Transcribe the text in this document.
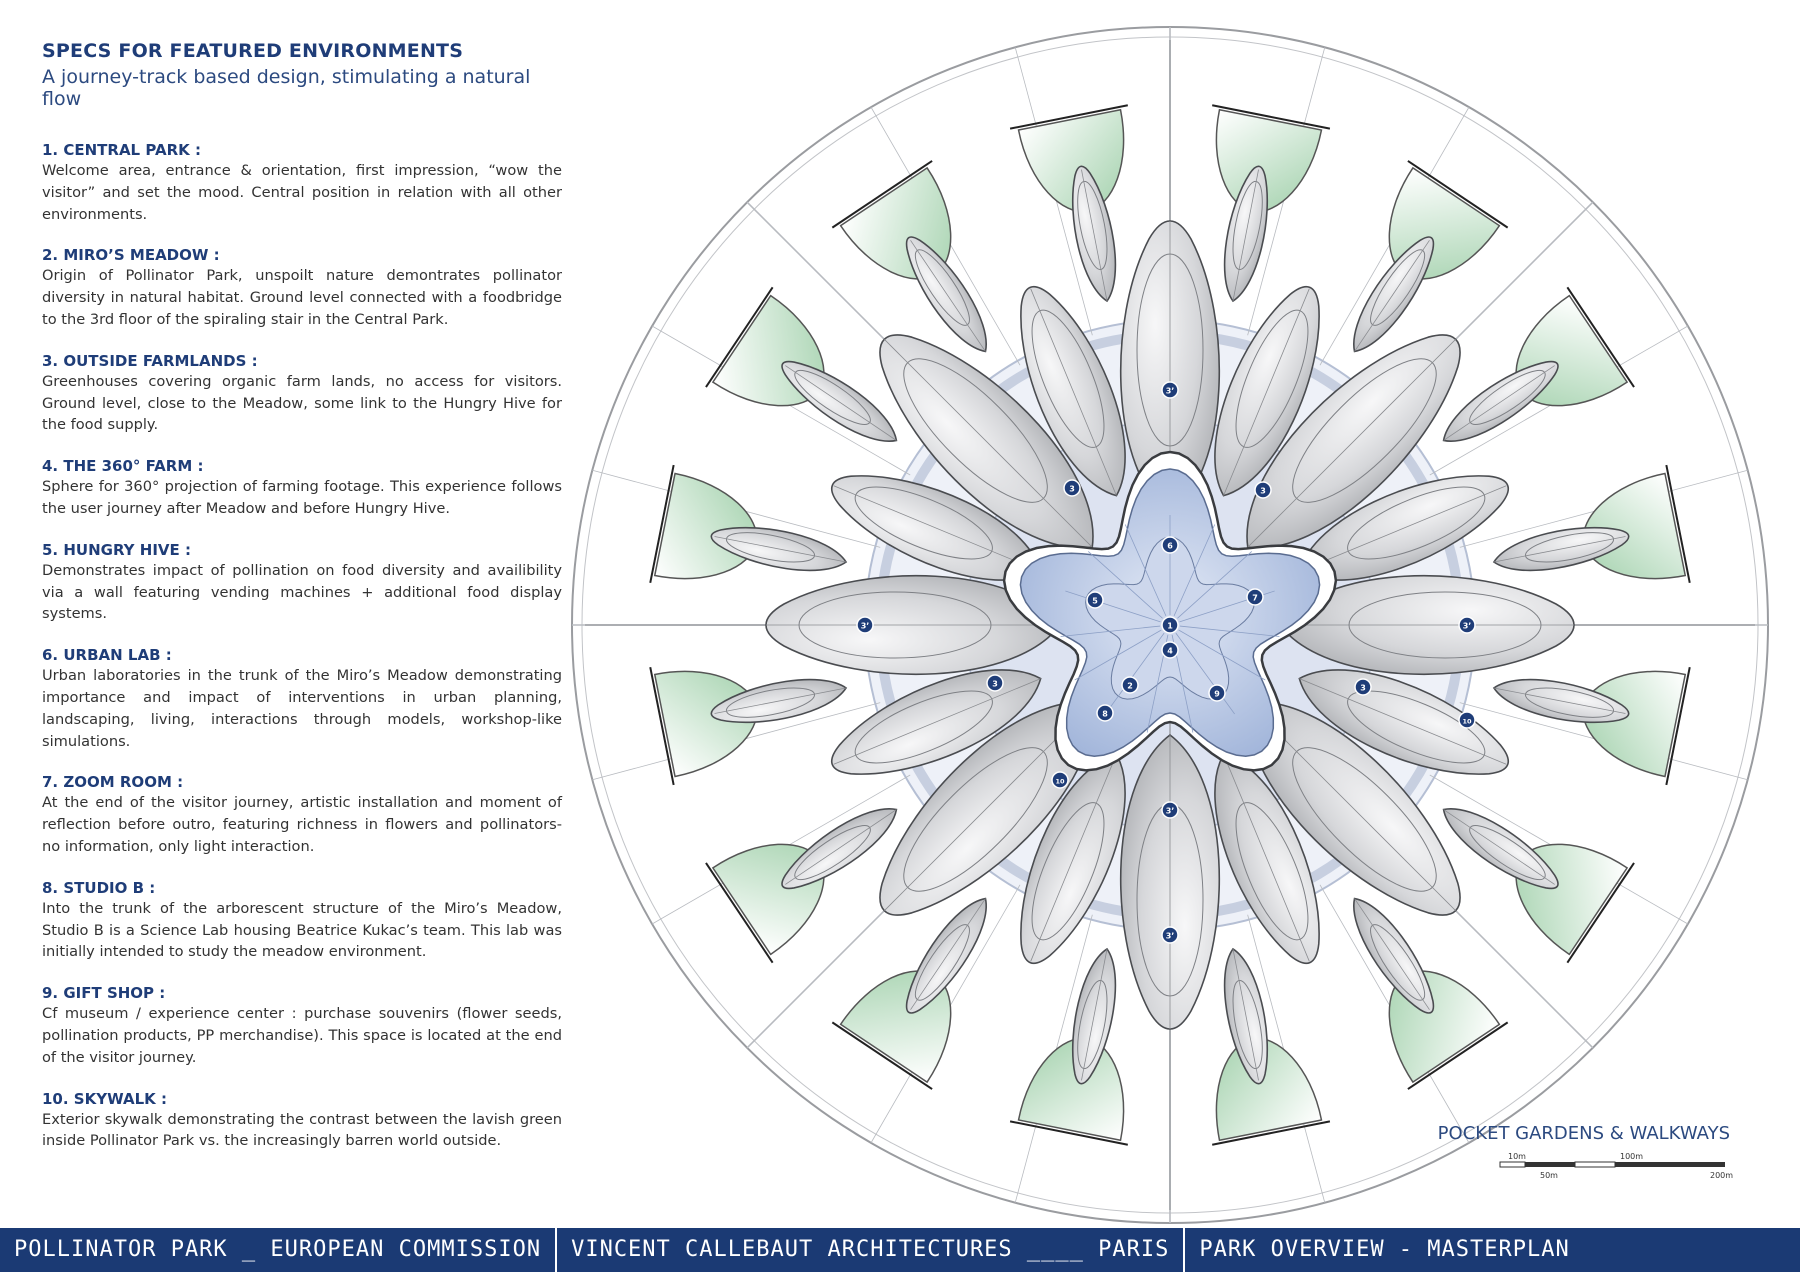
SPECS FOR FEATURED ENVIRONMENTS
A journey-track based design, stimulating a natural flow
1. CENTRAL PARK :
Welcome area, entrance & orientation, first impression, “wow the visitor” and set the mood. Central position in relation with all other environments.
2. MIRO’S MEADOW :
Origin of Pollinator Park, unspoilt nature demontrates pollinator diversity in natural habitat. Ground level connected with a foodbridge to the 3rd floor of the spiraling stair in the Central Park.
3. OUTSIDE FARMLANDS :
Greenhouses covering organic farm lands, no access for visitors. Ground level, close to the Meadow, some link to the Hungry Hive for the food supply.
4. THE 360° FARM :
Sphere for 360° projection of farming footage. This experience follows the user journey after Meadow and before Hungry Hive.
5. HUNGRY HIVE :
Demonstrates impact of pollination on food diversity and availibility via a wall featuring vending machines + additional food display systems.
6. URBAN LAB :
Urban laboratories in the trunk of the Miro’s Meadow demonstrating importance and impact of interventions in urban planning, landscaping, living, interactions through models, workshop-like simulations.
7. ZOOM ROOM :
At the end of the visitor journey, artistic installation and moment of reflection before outro, featuring richness in flowers and pollinators- no information, only light interaction.
8. STUDIO B :
Into the trunk of the arborescent structure of the Miro’s Meadow, Studio B is a Science Lab housing Beatrice Kukac’s team. This lab was initially intended to study the meadow environment.
9. GIFT SHOP :
Cf museum / experience center : purchase souvenirs (flower seeds, pollination products, PP merchandise). This space is located at the end of the visitor journey.
10. SKYWALK :
Exterior skywalk demonstrating the contrast between the lavish green inside Pollinator Park vs. the increasingly barren world outside.
1
2
3	3
3	3
3’
3’	3’
3’
3’
4
5
6
7
8
9
10
10
POCKET GARDENS & WALKWAYS
10m	100m
50m	200m
POLLINATOR PARK _ EUROPEAN COMMISSION	VINCENT CALLEBAUT ARCHITECTURES ____ PARIS	PARK OVERVIEW - MASTERPLAN
